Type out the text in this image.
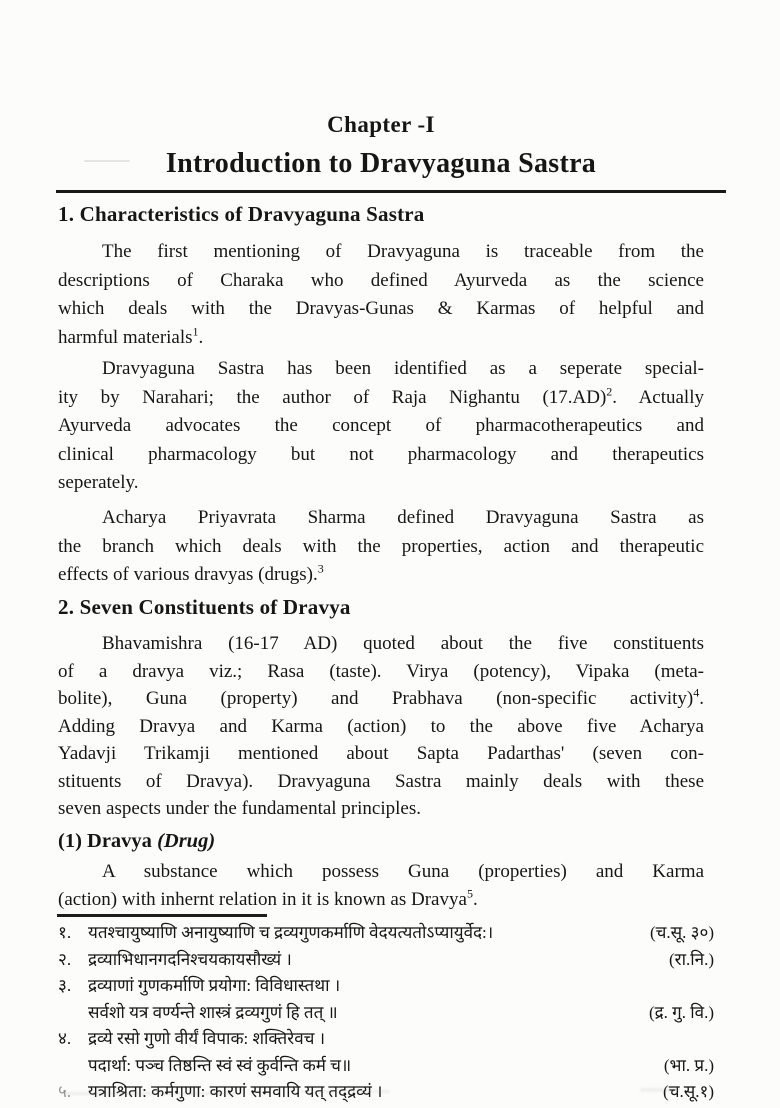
Chapter -I
Introduction to Dravyaguna Sastra
1. Characteristics of Dravyaguna Sastra
The first mentioning of Dravyaguna is traceable from the
descriptions of Charaka who defined Ayurveda as the science
which deals with the Dravyas-Gunas & Karmas of helpful and
harmful materials$^1$.
Dravyaguna Sastra has been identified as a seperate special-
ity by Narahari; the author of Raja Nighantu $(17.AD)^2$. Actually
Ayurveda advocates the concept of pharmacotherapeutics and
clinical pharmacology but not pharmacology and therapeutics
seperately.
Acharya Priyavrata Sharma defined Dravyaguna Sastra as
the branch which deals with the properties, action and therapeutic
effects of various dravyas (drugs).$^3$
2. Seven Constituents of Dravya
Bhavamishra (16-17 AD) quoted about the five constituents
of a dravya viz.; Rasa (taste). Virya (potency), Vipaka (meta-
bolite), Guna (property) and Prabhava (non-specific activity)$^4$.
Adding Dravya and Karma (action) to the above five Acharya
Yadavji Trikamji mentioned about Sapta Padarthas' (seven con-
stituents of Dravya). Dravyaguna Sastra mainly deals with these
seven aspects under the fundamental principles.
(1) Dravya (Drug)
A substance which possess Guna (properties) and Karma
(action) with inhernt relation in it is known as Dravya$^5$.
१. यतश्चायुष्याणि अनायुष्याणि च द्रव्यगुणकर्माणि वेदयत्यतोऽप्यायुर्वेद:।	(च.सू. ३०)
२. द्रव्याभिधानगदनिश्चयकायसौख्यं ।	(रा.नि.)
३. द्रव्याणां गुणकर्माणि प्रयोगा: विविधास्तथा ।
सर्वशो यत्र वर्ण्यन्ते शास्त्रं द्रव्यगुणं हि तत् ॥	(द्र. गु. वि.)
४. द्रव्ये रसो गुणो वीर्यं विपाक: शक्तिरेवच ।
पदार्था: पञ्च तिष्ठन्ति स्वं स्वं कुर्वन्ति कर्म च॥	(भा. प्र.)
५. यत्राश्रिता: कर्मगुणा: कारणं समवायि यत् तद्द्रव्यं ।	(च.सू.१)
